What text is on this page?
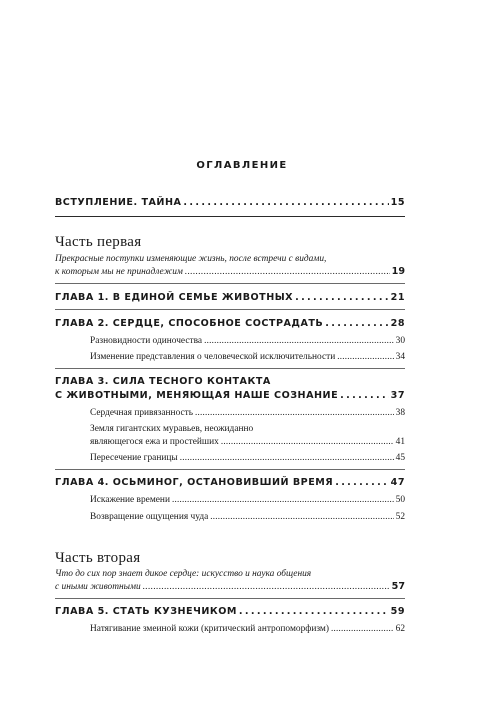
ОГЛАВЛЕНИЕ
ВСТУПЛЕНИЕ. ТАЙНА . . .	15
Часть первая
Прекрасные поступки изменяющие жизнь, после встречи с видами,
к которым мы не принадлежим . . .	19
ГЛАВА 1. В ЕДИНОЙ СЕМЬЕ ЖИВОТНЫХ . . .	21
ГЛАВА 2. СЕРДЦЕ, СПОСОБНОЕ СОСТРАДАТЬ . . .	28
Разновидности одиночества . . .	30
Изменение представления о человеческой исключительности . . .	34
ГЛАВА 3. СИЛА ТЕСНОГО КОНТАКТА
С ЖИВОТНЫМИ, МЕНЯЮЩАЯ НАШЕ СОЗНАНИЕ . . .	37
Сердечная привязанность . . .	38
Земля гигантских муравьев, неожиданно
являющегося ежа и простейших . . .	41
Пересечение границы . . .	45
ГЛАВА 4. ОСЬМИНОГ, ОСТАНОВИВШИЙ ВРЕМЯ . . .	47
Искажение времени . . .	50
Возвращение ощущения чуда . . .	52
Часть вторая
Что до сих пор знает дикое сердце: искусство и наука общения
с иными животными . . .	57
ГЛАВА 5. СТАТЬ КУЗНЕЧИКОМ . . .	59
Натягивание змеиной кожи (критический антропоморфизм) . . .	62
